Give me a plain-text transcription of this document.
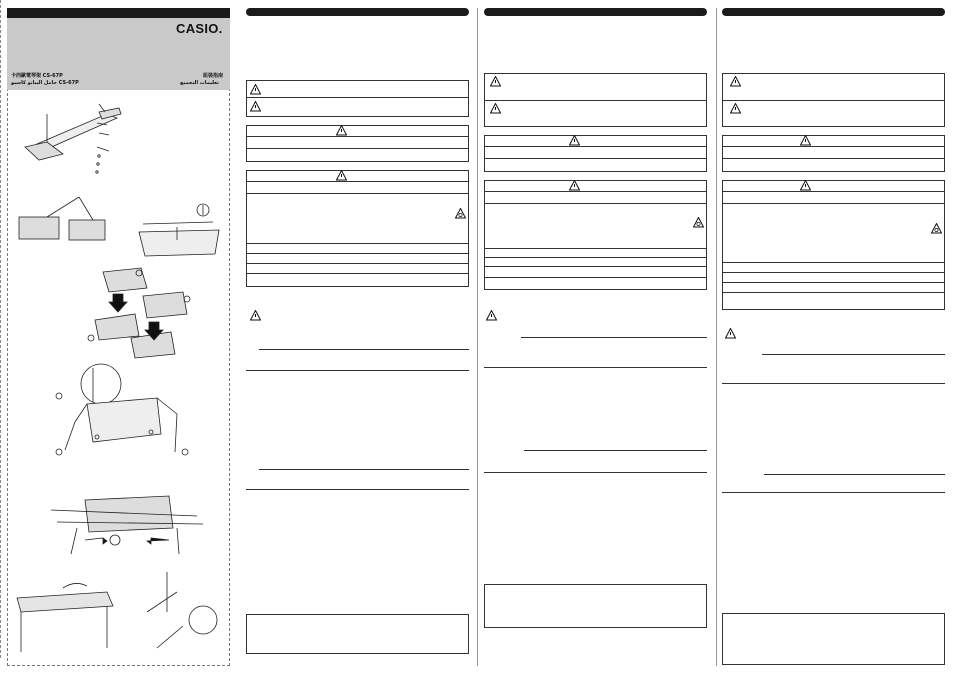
CASIO.
組裝指南
تعليمات التجميع
卡西歐電琴架 CS-67P
حامل البيانو كاسيو CS-67P
